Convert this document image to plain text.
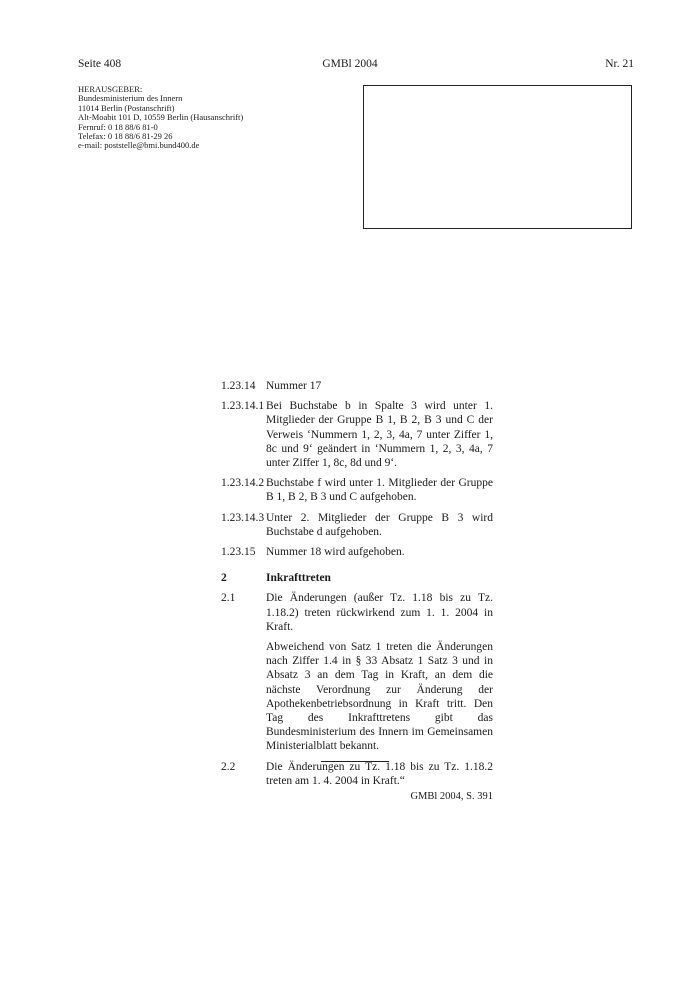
Seite 408	GMBl 2004	Nr. 21
HERAUSGEBER:
Bundesministerium des Innern
11014 Berlin (Postanschrift)
Alt-Moabit 101 D, 10559 Berlin (Hausanschrift)
Fernruf: 0 18 88/6 81-0
Telefax: 0 18 88/6 81-29 26
e-mail: poststelle@bmi.bund400.de
1.23.14 Nummer 17
1.23.14.1 Bei Buchstabe b in Spalte 3 wird unter 1. Mitglieder der Gruppe B 1, B 2, B 3 und C der Verweis ‘Nummern 1, 2, 3, 4a, 7 unter Ziffer 1, 8c und 9‘ geändert in ‘Nummern 1, 2, 3, 4a, 7 unter Ziffer 1, 8c, 8d und 9‘.
1.23.14.2 Buchstabe f wird unter 1. Mitglieder der Gruppe B 1, B 2, B 3 und C aufgehoben.
1.23.14.3 Unter 2. Mitglieder der Gruppe B 3 wird Buchstabe d aufgehoben.
1.23.15 Nummer 18 wird aufgehoben.
2	Inkrafttreten
2.1	Die Änderungen (außer Tz. 1.18 bis zu Tz. 1.18.2) treten rückwirkend zum 1. 1. 2004 in Kraft.
Abweichend von Satz 1 treten die Änderungen nach Ziffer 1.4 in § 33 Absatz 1 Satz 3 und in Absatz 3 an dem Tag in Kraft, an dem die nächste Verordnung zur Änderung der Apothekenbetriebsordnung in Kraft tritt. Den Tag des Inkrafttretens gibt das Bundesministerium des Innern im Gemeinsamen Ministerialblatt bekannt.
2.2	Die Änderungen zu Tz. 1.18 bis zu Tz. 1.18.2 treten am 1. 4. 2004 in Kraft.“
GMBl 2004, S. 391
